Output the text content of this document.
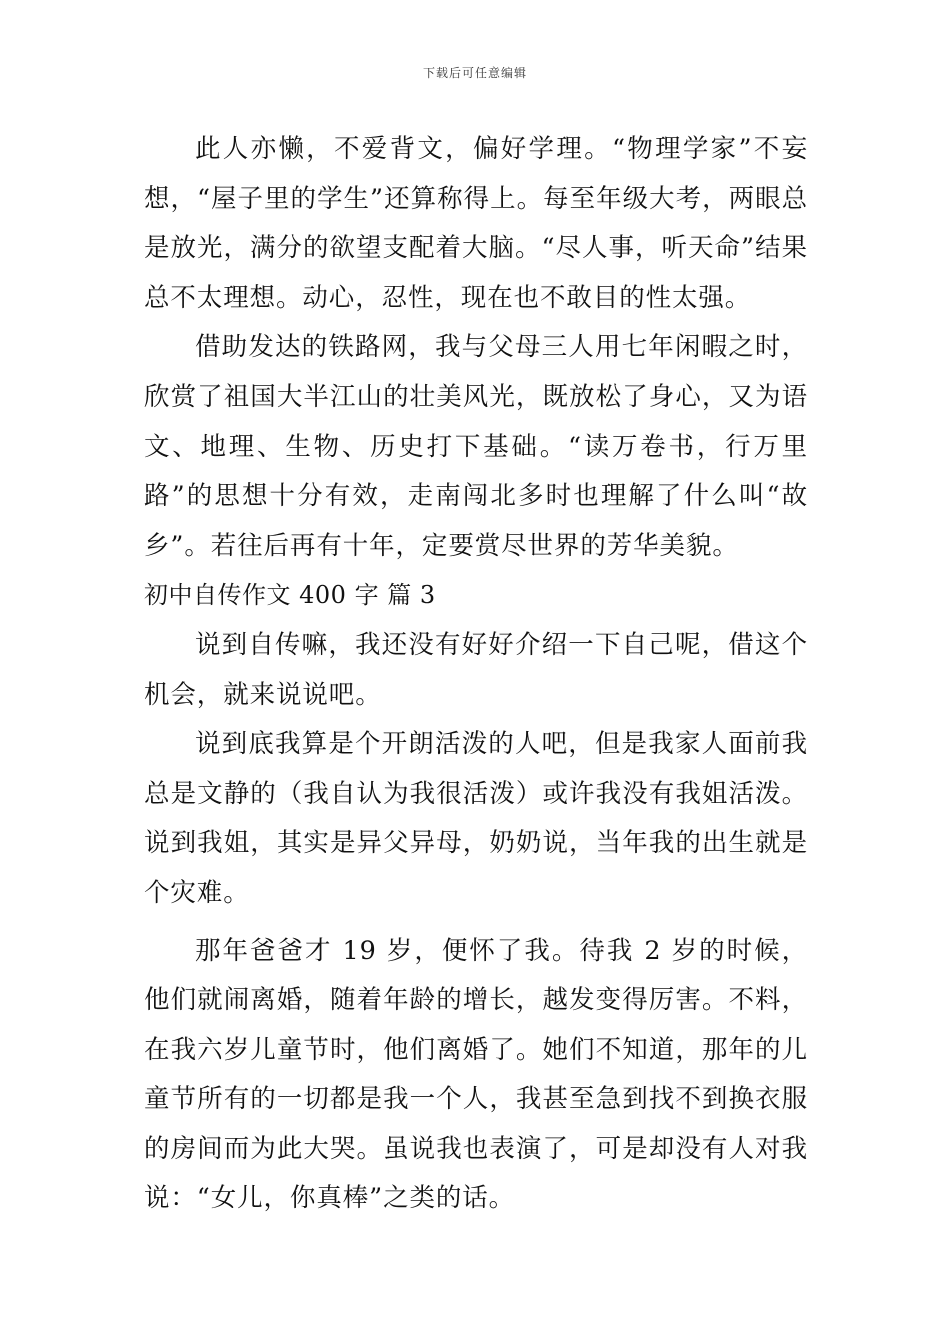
下载后可任意编辑

此人亦懒，不爱背文，偏好学理。“物理学家”不妄想，“屋子里的学生”还算称得上。每至年级大考，两眼总是放光，满分的欲望支配着大脑。“尽人事，听天命”结果总不太理想。动心，忍性，现在也不敢目的性太强。

借助发达的铁路网，我与父母三人用七年闲暇之时，欣赏了祖国大半江山的壮美风光，既放松了身心，又为语文、地理、生物、历史打下基础。“读万卷书，行万里路”的思想十分有效，走南闯北多时也理解了什么叫“故乡”。若往后再有十年，定要赏尽世界的芳华美貌。

初中自传作文 400 字 篇 3

说到自传嘛，我还没有好好介绍一下自己呢，借这个机会，就来说说吧。

说到底我算是个开朗活泼的人吧，但是我家人面前我总是文静的（我自认为我很活泼）或许我没有我姐活泼。说到我姐，其实是异父异母，奶奶说，当年我的出生就是个灾难。

那年爸爸才 19 岁，便怀了我。待我 2 岁的时候，他们就闹离婚，随着年龄的增长，越发变得厉害。不料，在我六岁儿童节时，他们离婚了。她们不知道，那年的儿童节所有的一切都是我一个人，我甚至急到找不到换衣服的房间而为此大哭。虽说我也表演了，可是却没有人对我说：“女儿，你真棒”之类的话。
